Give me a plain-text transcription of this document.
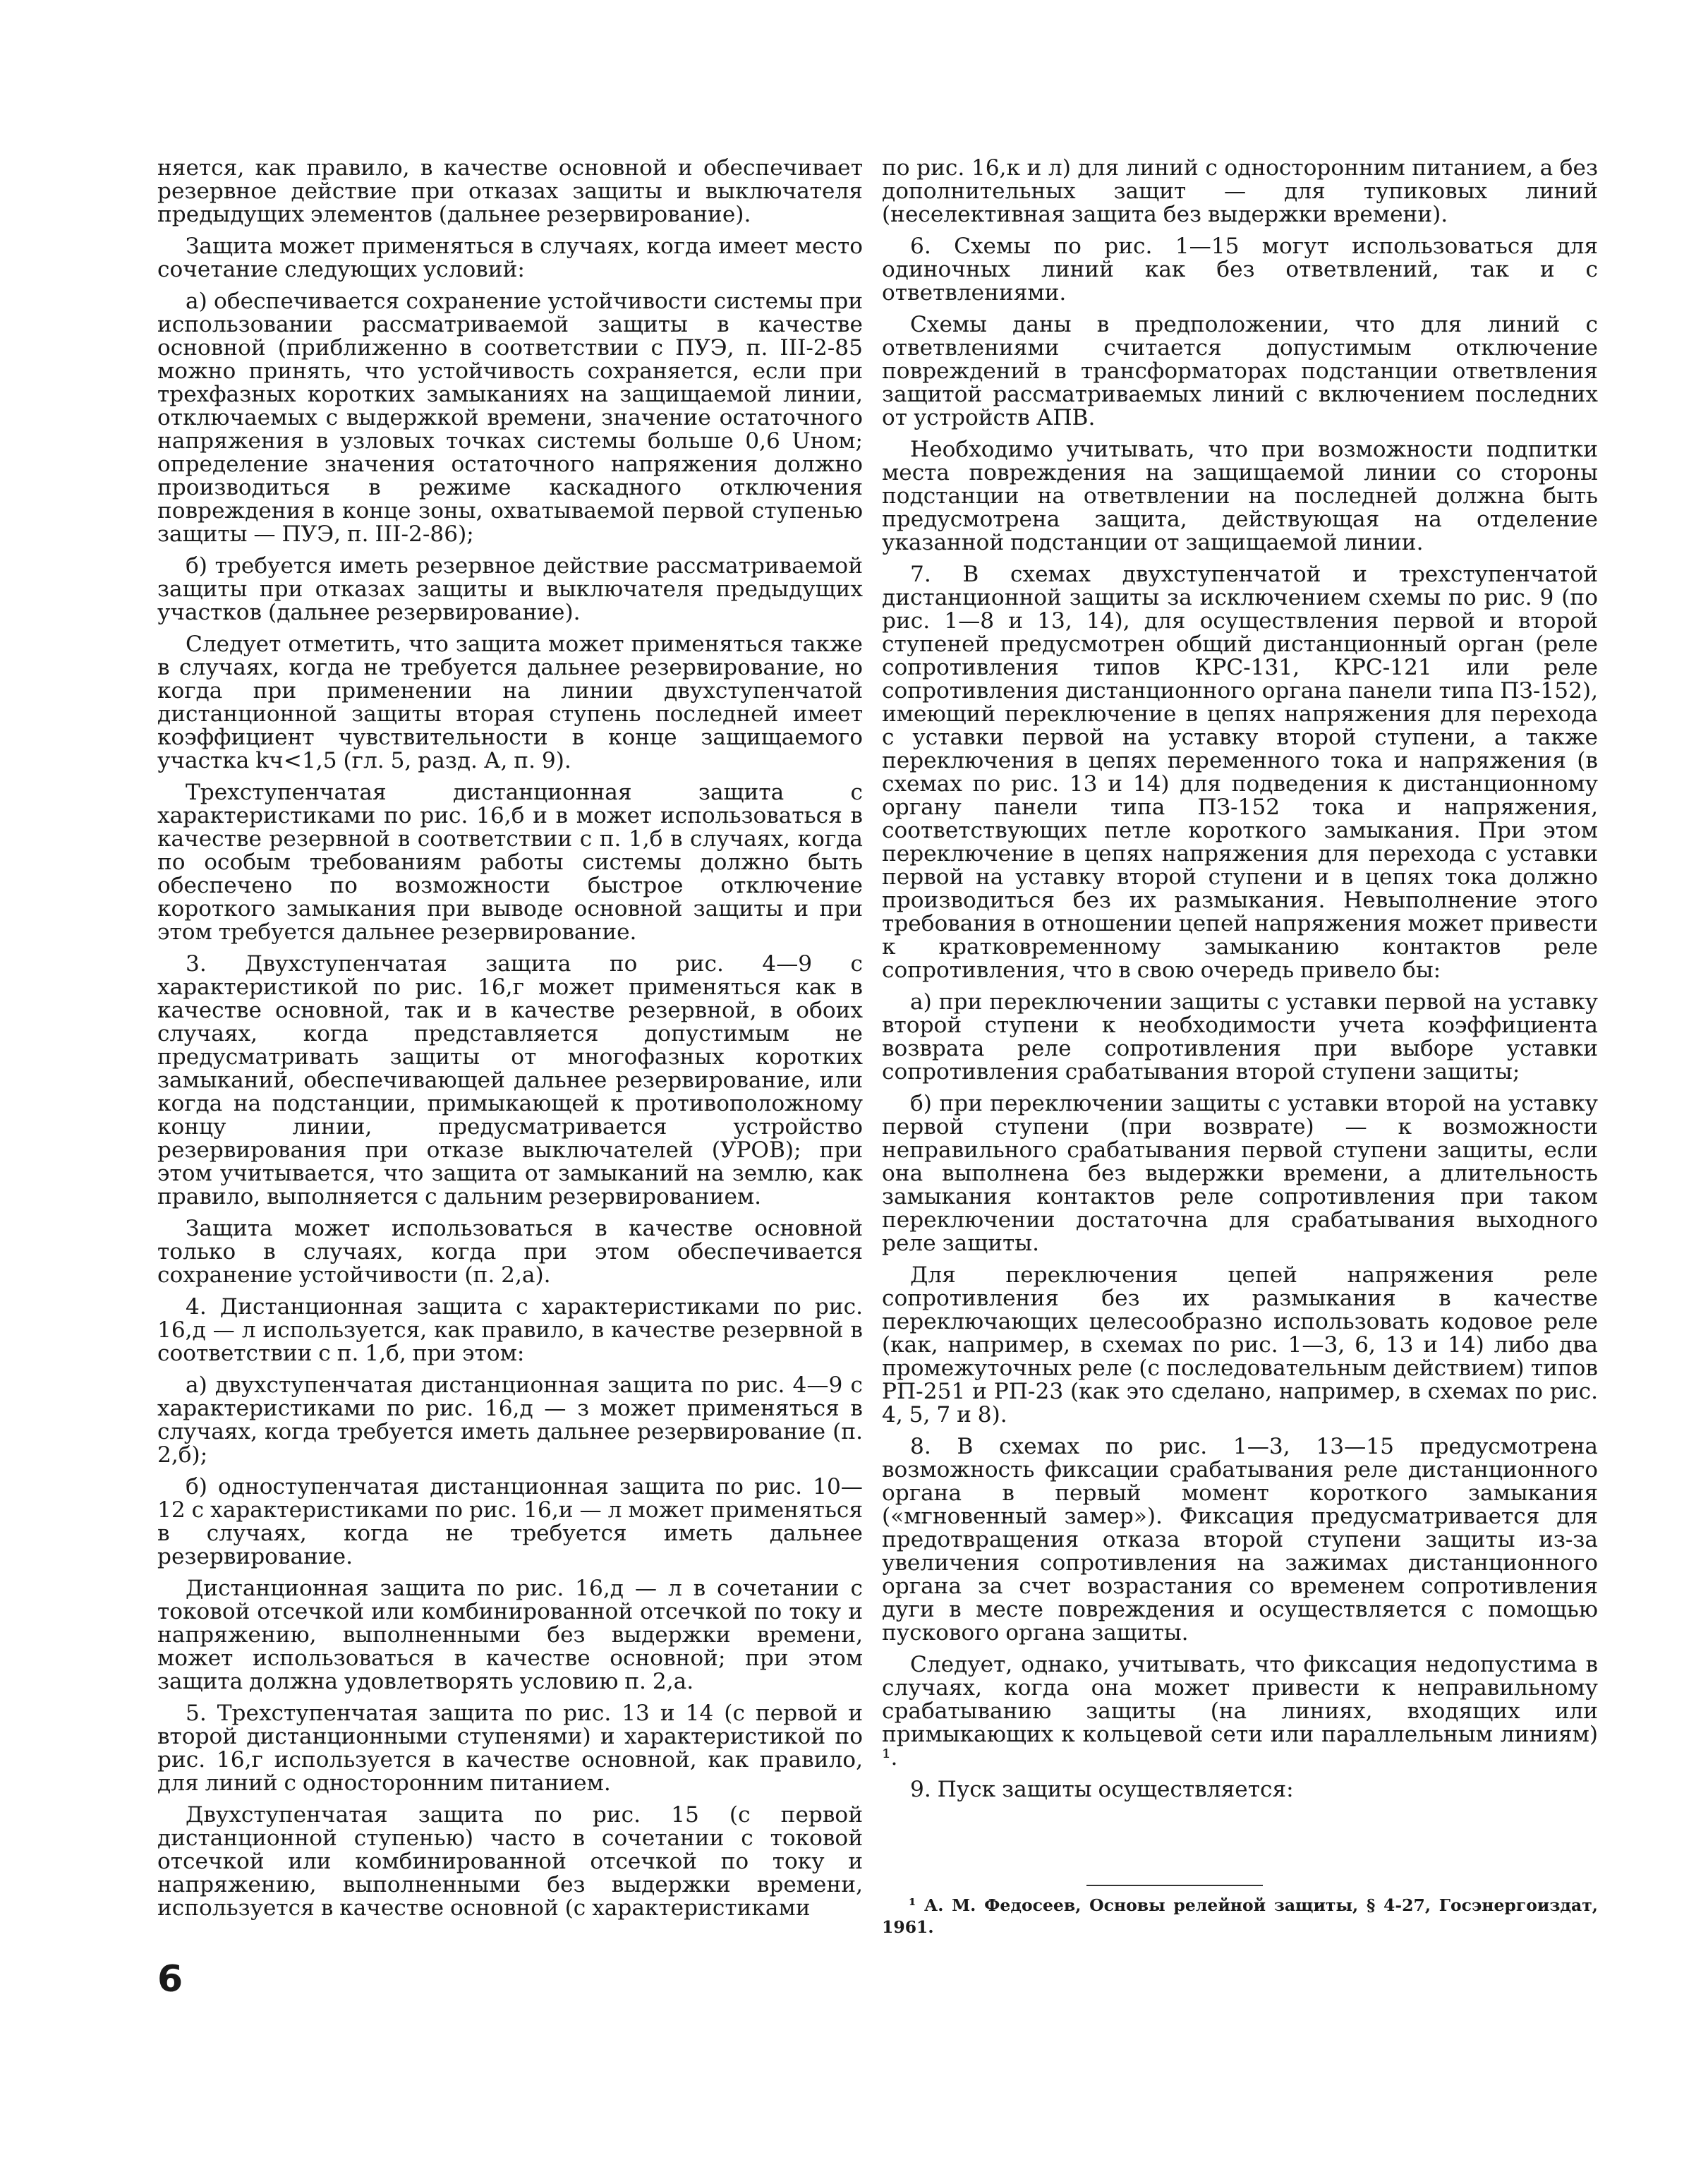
няется, как правило, в качестве основной и обеспечивает резервное действие при отказах защиты и выключателя предыдущих элементов (дальнее резервирование).

Защита может применяться в случаях, когда имеет место сочетание следующих условий:

а) обеспечивается сохранение устойчивости системы при использовании рассматриваемой защиты в качестве основной (приближенно в соответствии с ПУЭ, п. III-2-85 можно принять, что устойчивость сохраняется, если при трехфазных коротких замыканиях на защищаемой линии, отключаемых с выдержкой времени, значение остаточного напряжения в узловых точках системы больше 0,6 Uном; определение значения остаточного напряжения должно производиться в режиме каскадного отключения повреждения в конце зоны, охватываемой первой ступенью защиты — ПУЭ, п. III-2-86);

б) требуется иметь резервное действие рассматриваемой защиты при отказах защиты и выключателя предыдущих участков (дальнее резервирование).

Следует отметить, что защита может применяться также в случаях, когда не требуется дальнее резервирование, но когда при применении на линии двухступенчатой дистанционной защиты вторая ступень последней имеет коэффициент чувствительности в конце защищаемого участка kч<1,5 (гл. 5, разд. А, п. 9).

Трехступенчатая дистанционная защита с характеристиками по рис. 16,б и в может использоваться в качестве резервной в соответствии с п. 1,б в случаях, когда по особым требованиям работы системы должно быть обеспечено по возможности быстрое отключение короткого замыкания при выводе основной защиты и при этом требуется дальнее резервирование.

3. Двухступенчатая защита по рис. 4—9 с характеристикой по рис. 16,г может применяться как в качестве основной, так и в качестве резервной, в обоих случаях, когда представляется допустимым не предусматривать защиты от многофазных коротких замыканий, обеспечивающей дальнее резервирование, или когда на подстанции, примыкающей к противоположному концу линии, предусматривается устройство резервирования при отказе выключателей (УРОВ); при этом учитывается, что защита от замыканий на землю, как правило, выполняется с дальним резервированием.

Защита может использоваться в качестве основной только в случаях, когда при этом обеспечивается сохранение устойчивости (п. 2,а).

4. Дистанционная защита с характеристиками по рис. 16,д — л используется, как правило, в качестве резервной в соответствии с п. 1,б, при этом:

а) двухступенчатая дистанционная защита по рис. 4—9 с характеристиками по рис. 16,д — з может применяться в случаях, когда требуется иметь дальнее резервирование (п. 2,б);

б) одноступенчатая дистанционная защита по рис. 10—12 с характеристиками по рис. 16,и — л может применяться в случаях, когда не требуется иметь дальнее резервирование.

Дистанционная защита по рис. 16,д — л в сочетании с токовой отсечкой или комбинированной отсечкой по току и напряжению, выполненными без выдержки времени, может использоваться в качестве основной; при этом защита должна удовлетворять условию п. 2,а.

5. Трехступенчатая защита по рис. 13 и 14 (с первой и второй дистанционными ступенями) и характеристикой по рис. 16,г используется в качестве основной, как правило, для линий с односторонним питанием.

Двухступенчатая защита по рис. 15 (с первой дистанционной ступенью) часто в сочетании с токовой отсечкой или комбинированной отсечкой по току и напряжению, выполненными без выдержки времени, используется в качестве основной (с характеристиками

по рис. 16,к и л) для линий с односторонним питанием, а без дополнительных защит — для тупиковых линий (неселективная защита без выдержки времени).

6. Схемы по рис. 1—15 могут использоваться для одиночных линий как без ответвлений, так и с ответвлениями.

Схемы даны в предположении, что для линий с ответвлениями считается допустимым отключение повреждений в трансформаторах подстанции ответвления защитой рассматриваемых линий с включением последних от устройств АПВ.

Необходимо учитывать, что при возможности подпитки места повреждения на защищаемой линии со стороны подстанции на ответвлении на последней должна быть предусмотрена защита, действующая на отделение указанной подстанции от защищаемой линии.

7. В схемах двухступенчатой и трехступенчатой дистанционной защиты за исключением схемы по рис. 9 (по рис. 1—8 и 13, 14), для осуществления первой и второй ступеней предусмотрен общий дистанционный орган (реле сопротивления типов КРС-131, КРС-121 или реле сопротивления дистанционного органа панели типа ПЗ-152), имеющий переключение в цепях напряжения для перехода с уставки первой на уставку второй ступени, а также переключения в цепях переменного тока и напряжения (в схемах по рис. 13 и 14) для подведения к дистанционному органу панели типа ПЗ-152 тока и напряжения, соответствующих петле короткого замыкания. При этом переключение в цепях напряжения для перехода с уставки первой на уставку второй ступени и в цепях тока должно производиться без их размыкания. Невыполнение этого требования в отношении цепей напряжения может привести к кратковременному замыканию контактов реле сопротивления, что в свою очередь привело бы:

а) при переключении защиты с уставки первой на уставку второй ступени к необходимости учета коэффициента возврата реле сопротивления при выборе уставки сопротивления срабатывания второй ступени защиты;

б) при переключении защиты с уставки второй на уставку первой ступени (при возврате) — к возможности неправильного срабатывания первой ступени защиты, если она выполнена без выдержки времени, а длительность замыкания контактов реле сопротивления при таком переключении достаточна для срабатывания выходного реле защиты.

Для переключения цепей напряжения реле сопротивления без их размыкания в качестве переключающих целесообразно использовать кодовое реле (как, например, в схемах по рис. 1—3, 6, 13 и 14) либо два промежуточных реле (с последовательным действием) типов РП-251 и РП-23 (как это сделано, например, в схемах по рис. 4, 5, 7 и 8).

8. В схемах по рис. 1—3, 13—15 предусмотрена возможность фиксации срабатывания реле дистанционного органа в первый момент короткого замыкания («мгновенный замер»). Фиксация предусматривается для предотвращения отказа второй ступени защиты из-за увеличения сопротивления на зажимах дистанционного органа за счет возрастания со временем сопротивления дуги в месте повреждения и осуществляется с помощью пускового органа защиты.

Следует, однако, учитывать, что фиксация недопустима в случаях, когда она может привести к неправильному срабатыванию защиты (на линиях, входящих или примыкающих к кольцевой сети или параллельным линиям) ¹.

9. Пуск защиты осуществляется:

¹ А. М. Федосеев, Основы релейной защиты, § 4-27, Госэнергоиздат, 1961.
6
